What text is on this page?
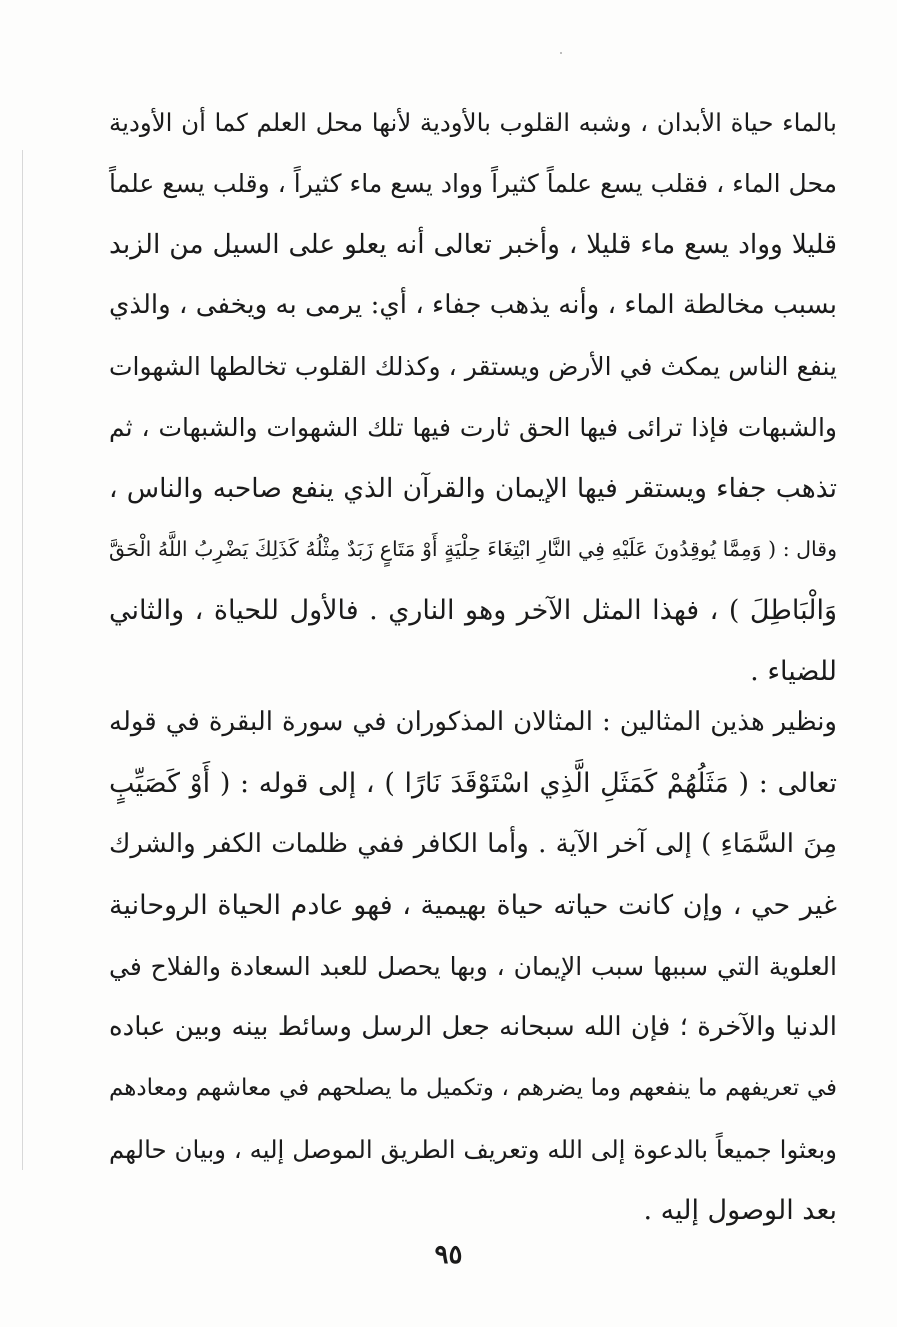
بالماء حياة الأبدان ، وشبه القلوب بالأودية لأنها محل العلم كما أن الأودية
محل الماء ، فقلب يسع علماً كثيراً وواد يسع ماء كثيراً ، وقلب يسع علماً
قليلا وواد يسع ماء قليلا ، وأخبر تعالى أنه يعلو على السيل من الزبد
بسبب مخالطة الماء ، وأنه يذهب جفاء ، أي: يرمى به ويخفى ، والذي
ينفع الناس يمكث في الأرض ويستقر ، وكذلك القلوب تخالطها الشهوات
والشبهات فإذا ترائى فيها الحق ثارت فيها تلك الشهوات والشبهات ، ثم
تذهب جفاء ويستقر فيها الإيمان والقرآن الذي ينفع صاحبه والناس ،
وقال : ( وَمِمَّا يُوقِدُونَ عَلَيْهِ فِي النَّارِ ابْتِغَاءَ حِلْيَةٍ أَوْ مَتَاعٍ زَبَدٌ مِثْلُهُ كَذَلِكَ يَضْرِبُ اللَّهُ الْحَقَّ
وَالْبَاطِلَ ) ، فهذا المثل الآخر وهو الناري . فالأول للحياة ، والثاني
للضياء .
ونظير هذين المثالين : المثالان المذكوران في سورة البقرة في قوله
تعالى : ( مَثَلُهُمْ كَمَثَلِ الَّذِي اسْتَوْقَدَ نَارًا ) ، إلى قوله : ( أَوْ كَصَيِّبٍ
مِنَ السَّمَاءِ ) إلى آخر الآية . وأما الكافر ففي ظلمات الكفر والشرك
غير حي ، وإن كانت حياته حياة بهيمية ، فهو عادم الحياة الروحانية
العلوية التي سببها سبب الإيمان ، وبها يحصل للعبد السعادة والفلاح في
الدنيا والآخرة ؛ فإن الله سبحانه جعل الرسل وسائط بينه وبين عباده
في تعريفهم ما ينفعهم وما يضرهم ، وتكميل ما يصلحهم في معاشهم ومعادهم
وبعثوا جميعاً بالدعوة إلى الله وتعريف الطريق الموصل إليه ، وبيان حالهم
بعد الوصول إليه .
٩٥
